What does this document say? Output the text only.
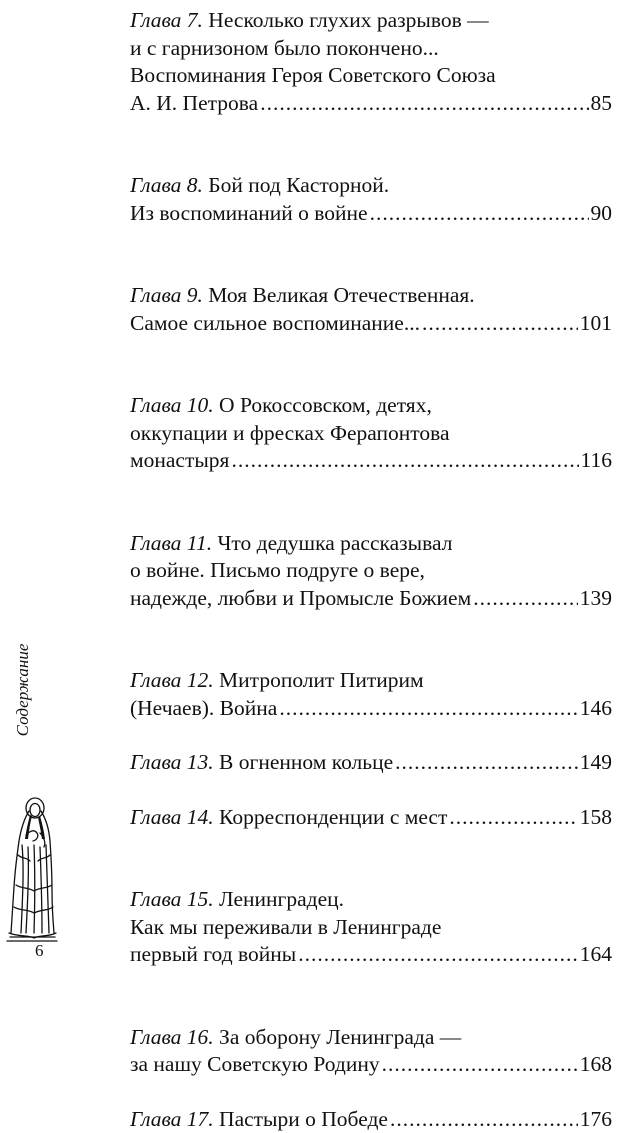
Глава 7. Несколько глухих разрывов —
и с гарнизоном было покончено...
Воспоминания Героя Советского Союза
А. И. Петрова .....	85
Глава 8. Бой под Касторной.
Из воспоминаний о войне .....	90
Глава 9. Моя Великая Отечественная.
Самое сильное воспоминание... .....	101
Глава 10. О Рокоссовском, детях,
оккупации и фресках Ферапонтова
монастыря .....	116
Глава 11. Что дедушка рассказывал
о войне. Письмо подруге о вере,
надежде, любви и Промысле Божием .....	139
Глава 12. Митрополит Питирим
(Нечаев). Война .....	146
Глава 13. В огненном кольце .....	149
Глава 14. Корреспонденции с мест .....	158
Глава 15. Ленинградец.
Как мы переживали в Ленинграде
первый год войны .....	164
Глава 16. За оборону Ленинграда —
за нашу Советскую Родину .....	168
Глава 17. Пастыри о Победе .....	176
Содержание
6
